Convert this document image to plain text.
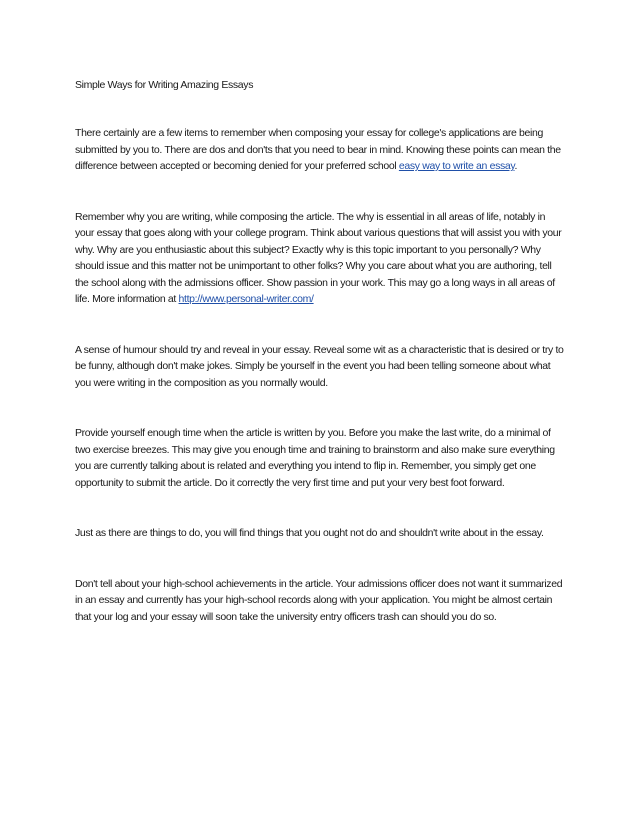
Simple Ways for Writing Amazing Essays

There certainly are a few items to remember when composing your essay for college's applications are being submitted by you to. There are dos and don'ts that you need to bear in mind. Knowing these points can mean the difference between accepted or becoming denied for your preferred school easy way to write an essay.

Remember why you are writing, while composing the article. The why is essential in all areas of life, notably in your essay that goes along with your college program. Think about various questions that will assist you with your why. Why are you enthusiastic about this subject? Exactly why is this topic important to you personally? Why should issue and this matter not be unimportant to other folks? Why you care about what you are authoring, tell the school along with the admissions officer. Show passion in your work. This may go a long ways in all areas of life. More information at http://www.personal-writer.com/

A sense of humour should try and reveal in your essay. Reveal some wit as a characteristic that is desired or try to be funny, although don't make jokes. Simply be yourself in the event you had been telling someone about what you were writing in the composition as you normally would.

Provide yourself enough time when the article is written by you. Before you make the last write, do a minimal of two exercise breezes. This may give you enough time and training to brainstorm and also make sure everything you are currently talking about is related and everything you intend to flip in. Remember, you simply get one opportunity to submit the article. Do it correctly the very first time and put your very best foot forward.

Just as there are things to do, you will find things that you ought not do and shouldn't write about in the essay.

Don't tell about your high-school achievements in the article. Your admissions officer does not want it summarized in an essay and currently has your high-school records along with your application. You might be almost certain that your log and your essay will soon take the university entry officers trash can should you do so.
